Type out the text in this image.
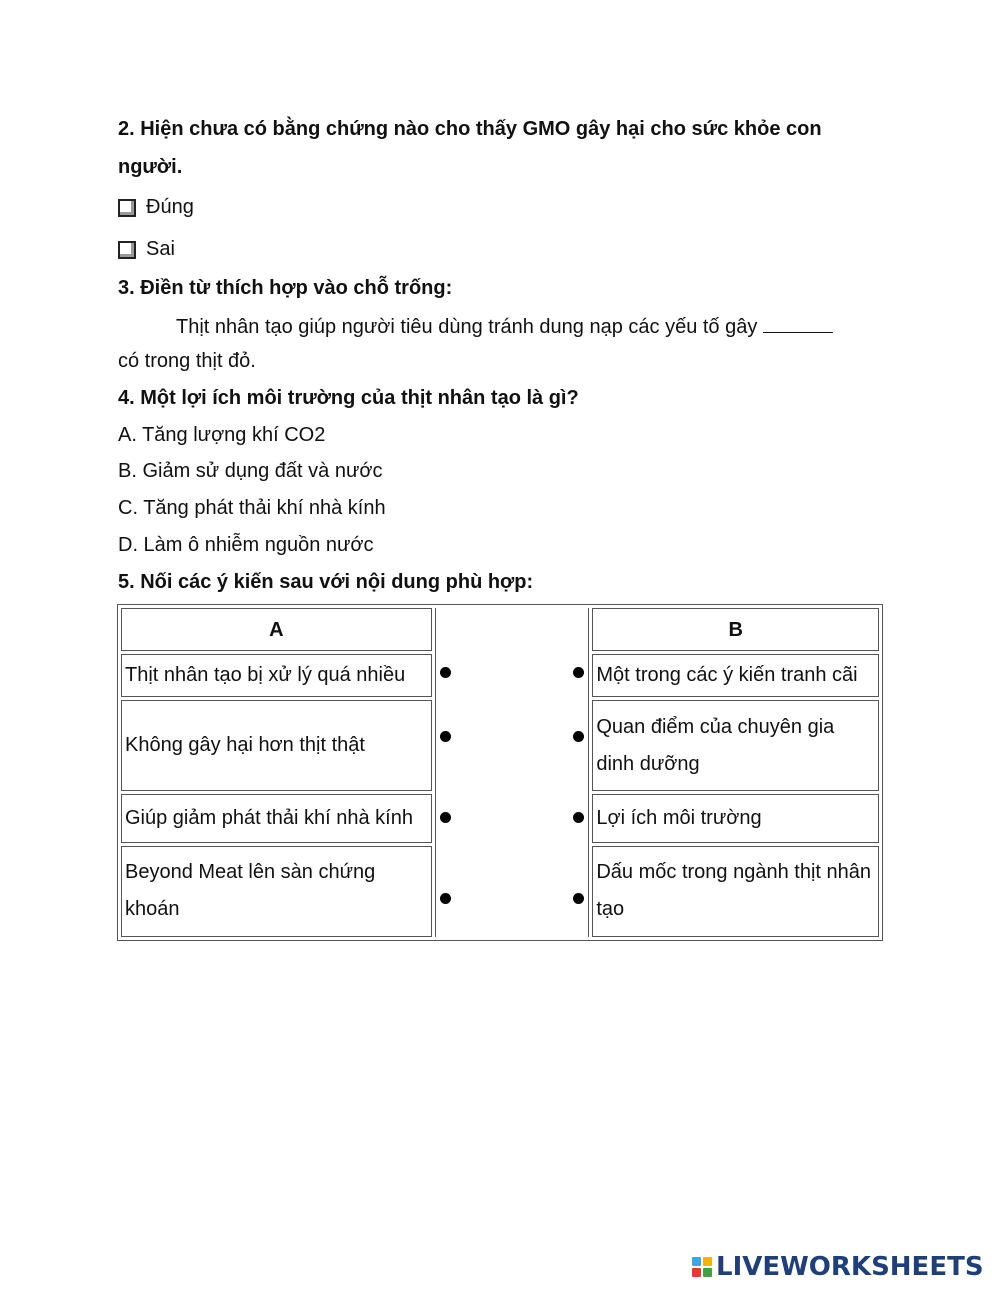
2. Hiện chưa có bằng chứng nào cho thấy GMO gây hại cho sức khỏe con
người.
Đúng
Sai
3. Điền từ thích hợp vào chỗ trống:
Thịt nhân tạo giúp người tiêu dùng tránh dung nạp các yếu tố gây
có trong thịt đỏ.
4. Một lợi ích môi trường của thịt nhân tạo là gì?
A. Tăng lượng khí CO2
B. Giảm sử dụng đất và nước
C. Tăng phát thải khí nhà kính
D. Làm ô nhiễm nguồn nước
5. Nối các ý kiến sau với nội dung phù hợp:
A		B
Thịt nhân tạo bị xử lý quá nhiều		Một trong các ý kiến tranh cãi
Không gây hại hơn thịt thật		Quan điểm của chuyên gia dinh dưỡng
Giúp giảm phát thải khí nhà kính		Lợi ích môi trường
Beyond Meat lên sàn chứng khoán		Dấu mốc trong ngành thịt nhân tạo
LIVEWORKSHEETS
